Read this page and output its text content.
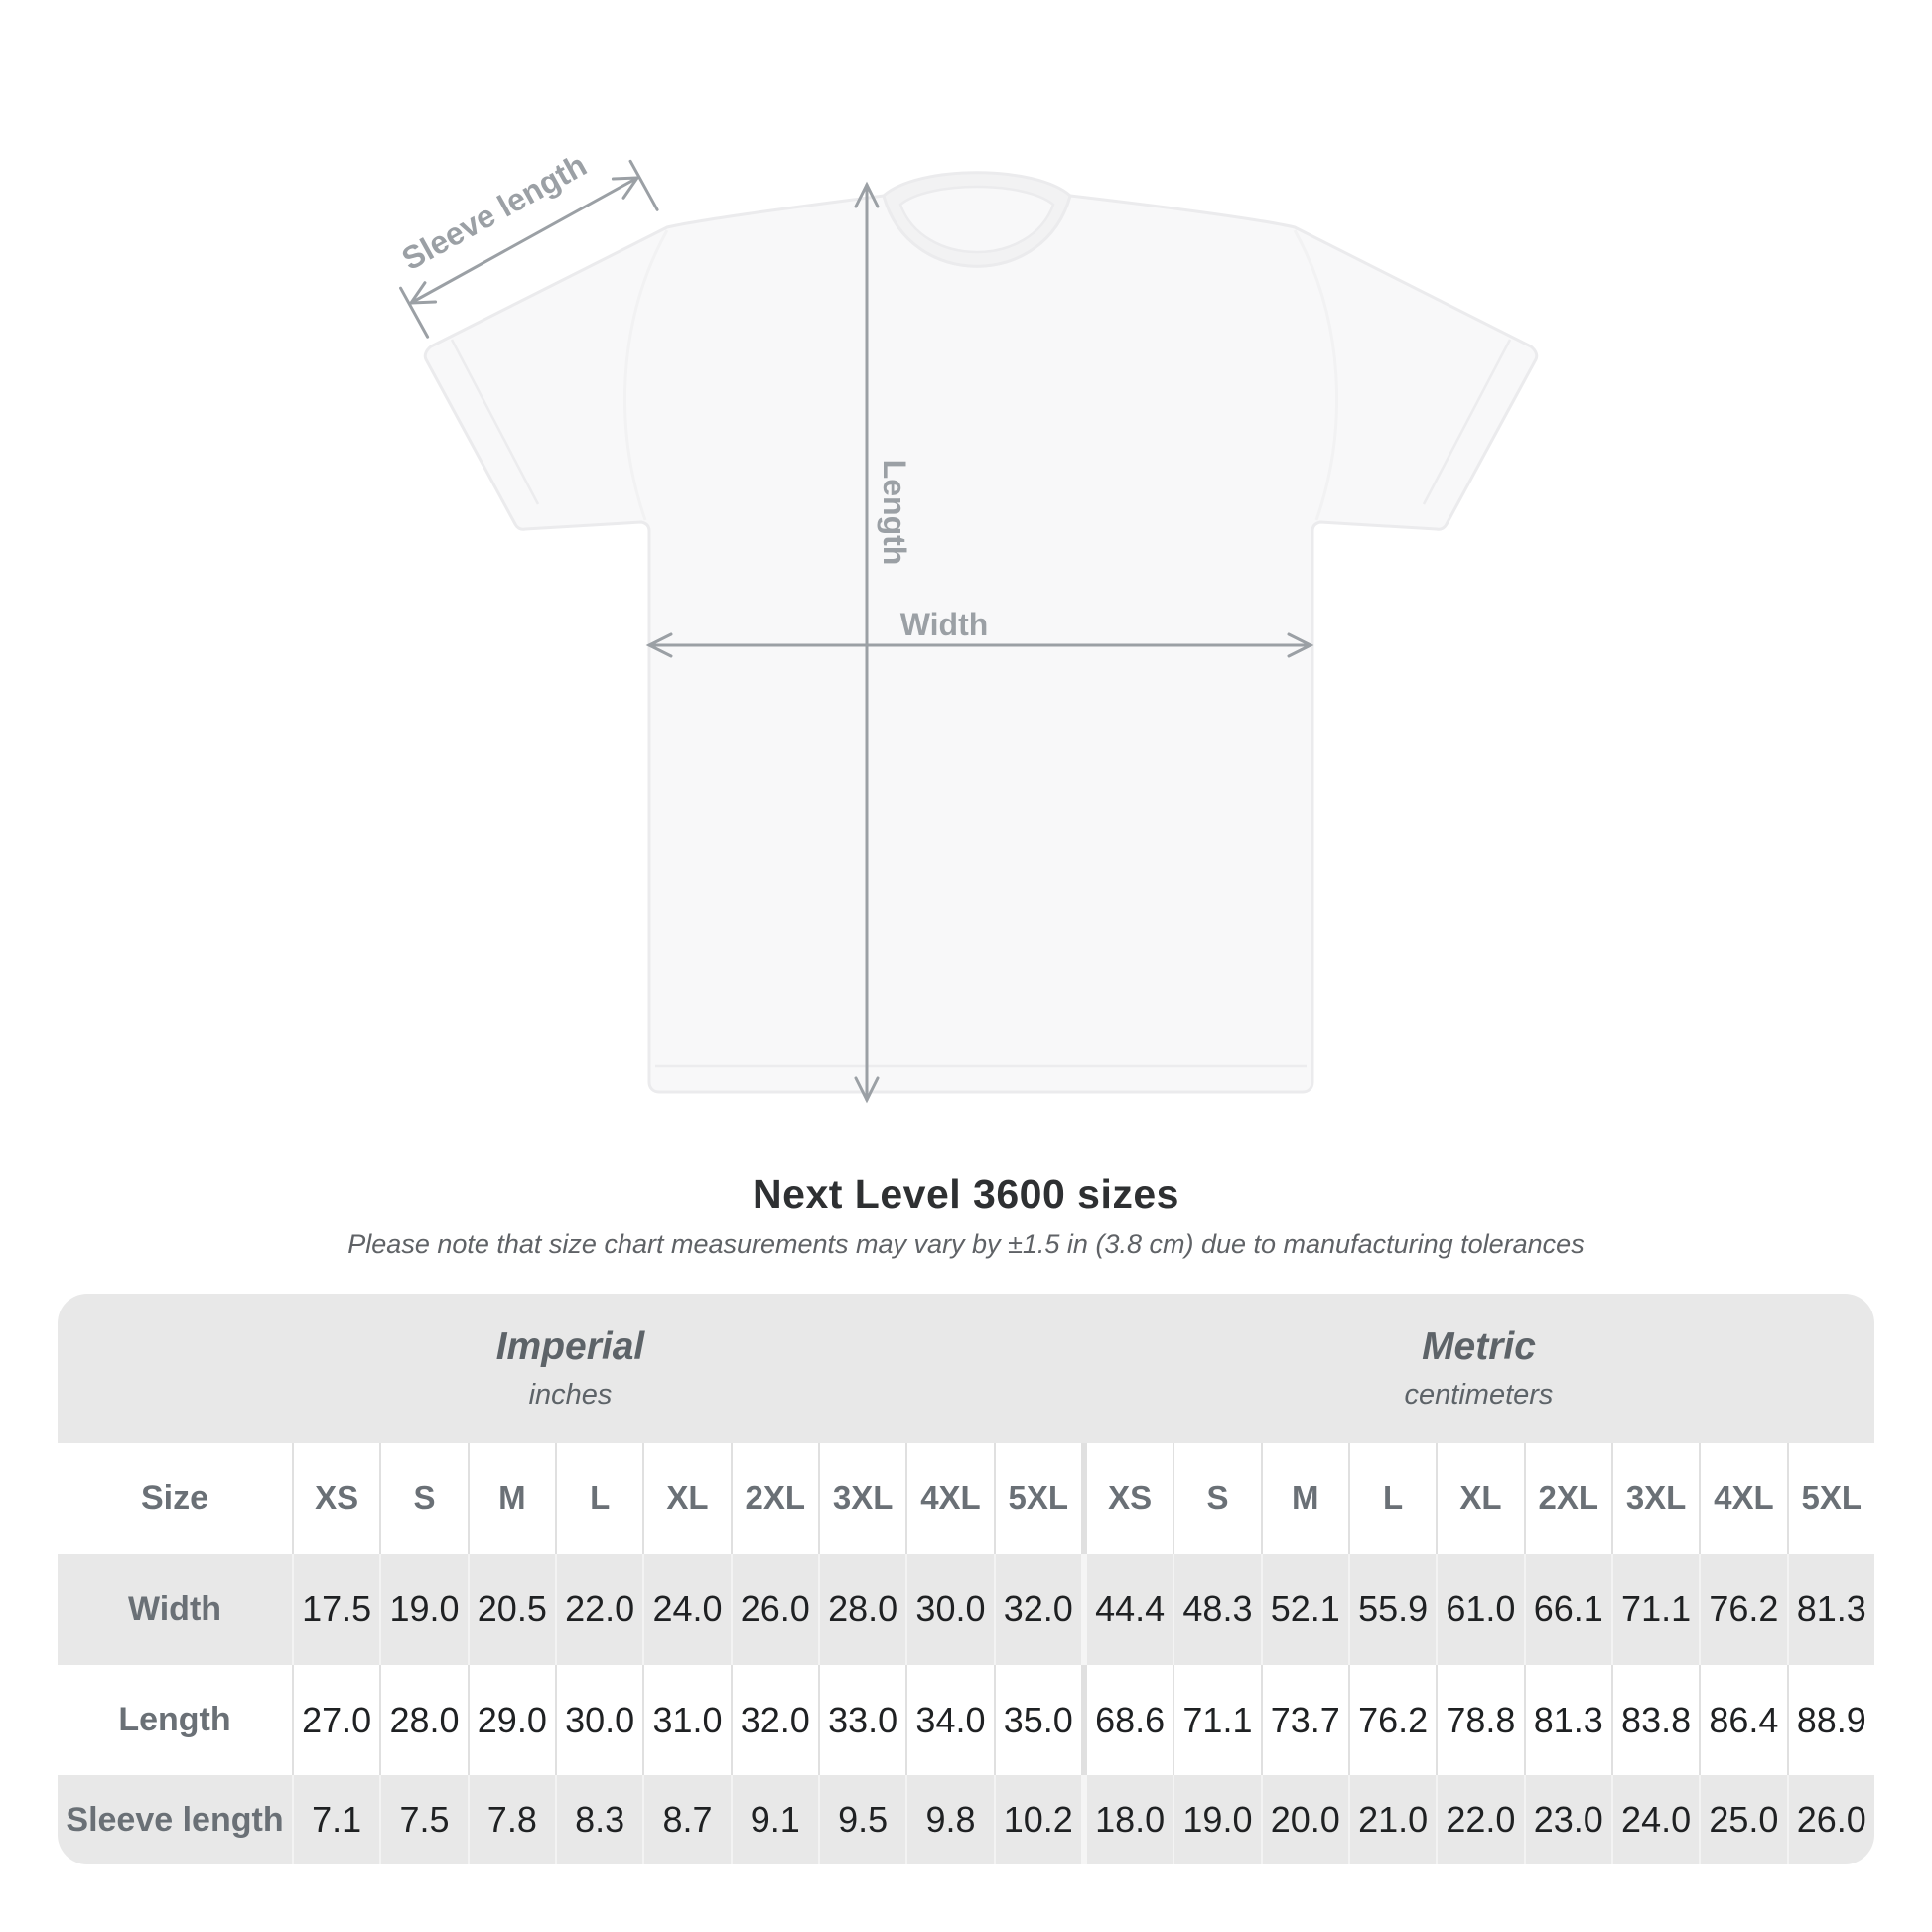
Sleeve length
Length
Width
Next Level 3600 sizes
Please note that size chart measurements may vary by ±1.5 in (3.8 cm) due to manufacturing tolerances
Imperial
inches
Metric
centimeters
Size	XS	S	M	L	XL	2XL 3XL 4XL 5XL	XS	S	M	L	XL	2XL 3XL 4XL 5XL
Width	17.5 19.0 20.5 22.0 24.0 26.0 28.0 30.0 32.0 44.4 48.3 52.1 55.9 61.0 66.1 71.1 76.2 81.3
Length	27.0 28.0 29.0 30.0 31.0 32.0 33.0 34.0 35.0 68.6 71.1 73.7 76.2 78.8 81.3 83.8 86.4 88.9
Sleeve length 7.1	7.5	7.8	8.3	8.7	9.1	9.5	9.8 10.2 18.0 19.0 20.0 21.0 22.0 23.0 24.0 25.0 26.0
